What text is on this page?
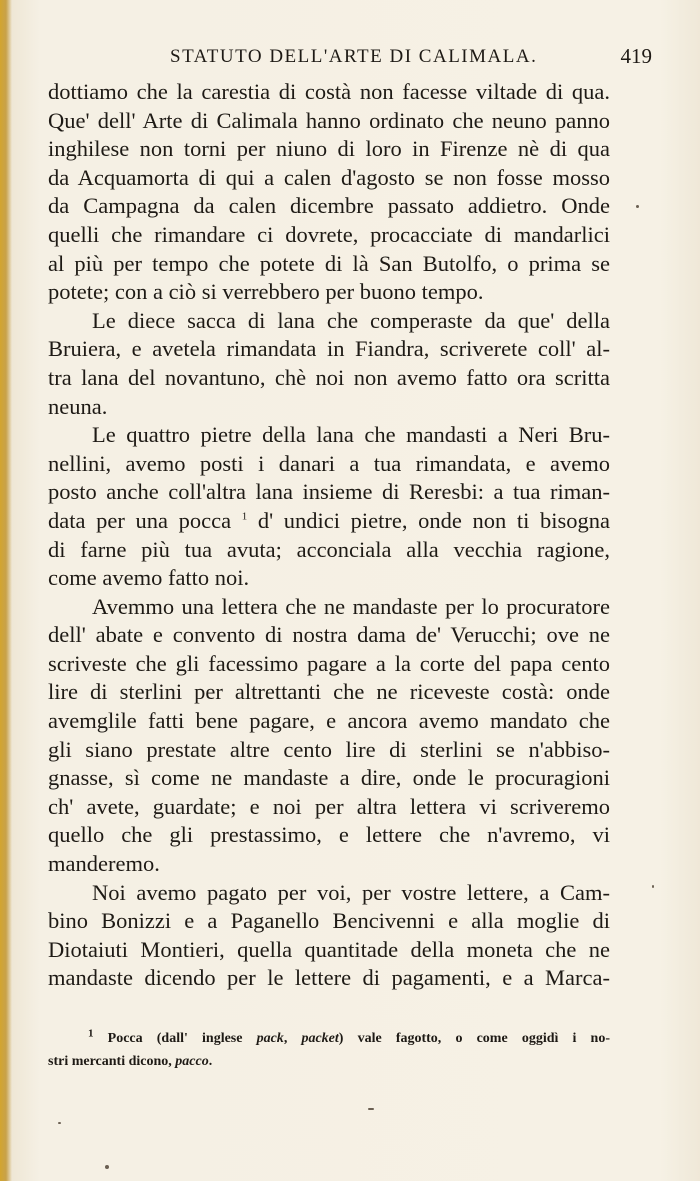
STATUTO DELL'ARTE DI CALIMALA.	419
dottiamo che la carestia di costà non facesse viltade di qua.
Que' dell' Arte di Calimala hanno ordinato che neuno panno
inghilese non torni per niuno di loro in Firenze nè di qua
da Acquamorta di qui a calen d'agosto se non fosse mosso
da Campagna da calen dicembre passato addietro. Onde
quelli che rimandare ci dovrete, procacciate di mandarlici
al più per tempo che potete di là San Butolfo, o prima se
potete; con a ciò si verrebbero per buono tempo.
Le diece sacca di lana che comperaste da que' della
Bruiera, e avetela rimandata in Fiandra, scriverete coll' al-
tra lana del novantuno, chè noi non avemo fatto ora scritta
neuna.
Le quattro pietre della lana che mandasti a Neri Bru-
nellini, avemo posti i danari a tua rimandata, e avemo
posto anche coll'altra lana insieme di Reresbi: a tua riman-
data per una pocca $^1$ d' undici pietre, onde non ti bisogna
di farne più tua avuta; acconciala alla vecchia ragione,
come avemo fatto noi.
Avemmo una lettera che ne mandaste per lo procuratore
dell' abate e convento di nostra dama de' Verucchi; ove ne
scriveste che gli facessimo pagare a la corte del papa cento
lire di sterlini per altrettanti che ne riceveste costà: onde
avemglile fatti bene pagare, e ancora avemo mandato che
gli siano prestate altre cento lire di sterlini se n'abbiso-
gnasse, sì come ne mandaste a dire, onde le procuragioni
ch' avete, guardate; e noi per altra lettera vi scriveremo
quello che gli prestassimo, e lettere che n'avremo, vi
manderemo.
Noi avemo pagato per voi, per vostre lettere, a Cam-
bino Bonizzi e a Paganello Bencivenni e alla moglie di
Diotaiuti Montieri, quella quantitade della moneta che ne
mandaste dicendo per le lettere di pagamenti, e a Marca-
$^1$ Pocca (dall' inglese pack, packet) vale fagotto, o come oggidì i no-
stri mercanti dicono, pacco.
